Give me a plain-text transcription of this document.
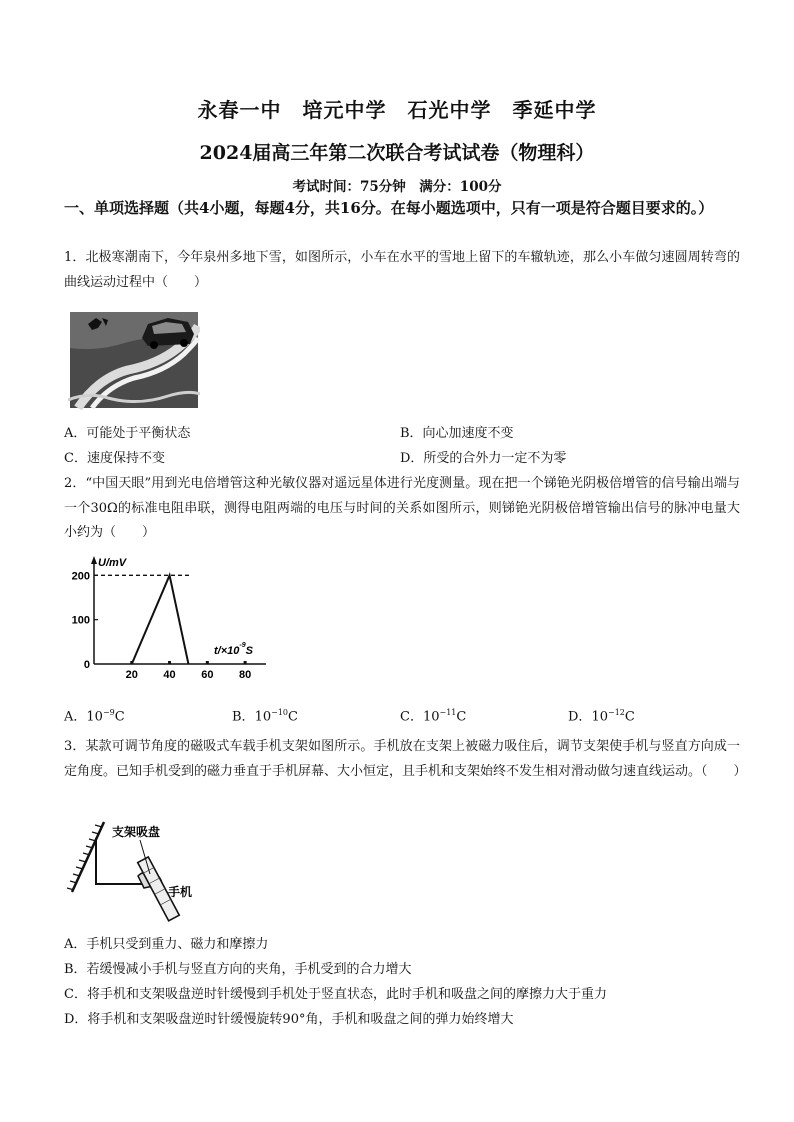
永春一中　培元中学　石光中学　季延中学
2024届高三年第二次联合考试试卷（物理科）
考试时间：75分钟　满分：100分
一、单项选择题（共4小题，每题4分，共16分。在每小题选项中，只有一项是符合题目要求的。）
1．北极寒潮南下，今年泉州多地下雪，如图所示，小车在水平的雪地上留下的车辙轨迹，那么小车做匀速圆周转弯的曲线运动过程中（　　）
A．可能处于平衡状态	B．向心加速度不变
C．速度保持不变	D．所受的合外力一定不为零
2．“中国天眼”用到光电倍增管这种光敏仪器对遥远星体进行光度测量。现在把一个锑铯光阴极倍增管的信号输出端与一个30Ω的标准电阻串联，测得电阻两端的电压与时间的关系如图所示，则锑铯光阴极倍增管输出信号的脉冲电量大小约为（　　）
U/mV
$t/\times 10^{-9}S$
0
100
200
20 40 60 80
A．$10^{-9}C$	B．$10^{-10}C$	C．$10^{-11}C$	D．$10^{-12}C$
3．某款可调节角度的磁吸式车载手机支架如图所示。手机放在支架上被磁力吸住后，调节支架使手机与竖直方向成一定角度。已知手机受到的磁力垂直于手机屏幕、大小恒定，且手机和支架始终不发生相对滑动做匀速直线运动。（　　）
支架吸盘
手机
A．手机只受到重力、磁力和摩擦力
B．若缓慢减小手机与竖直方向的夹角，手机受到的合力增大
C．将手机和支架吸盘逆时针缓慢到手机处于竖直状态，此时手机和吸盘之间的摩擦力大于重力
D．将手机和支架吸盘逆时针缓慢旋转90°角，手机和吸盘之间的弹力始终增大
